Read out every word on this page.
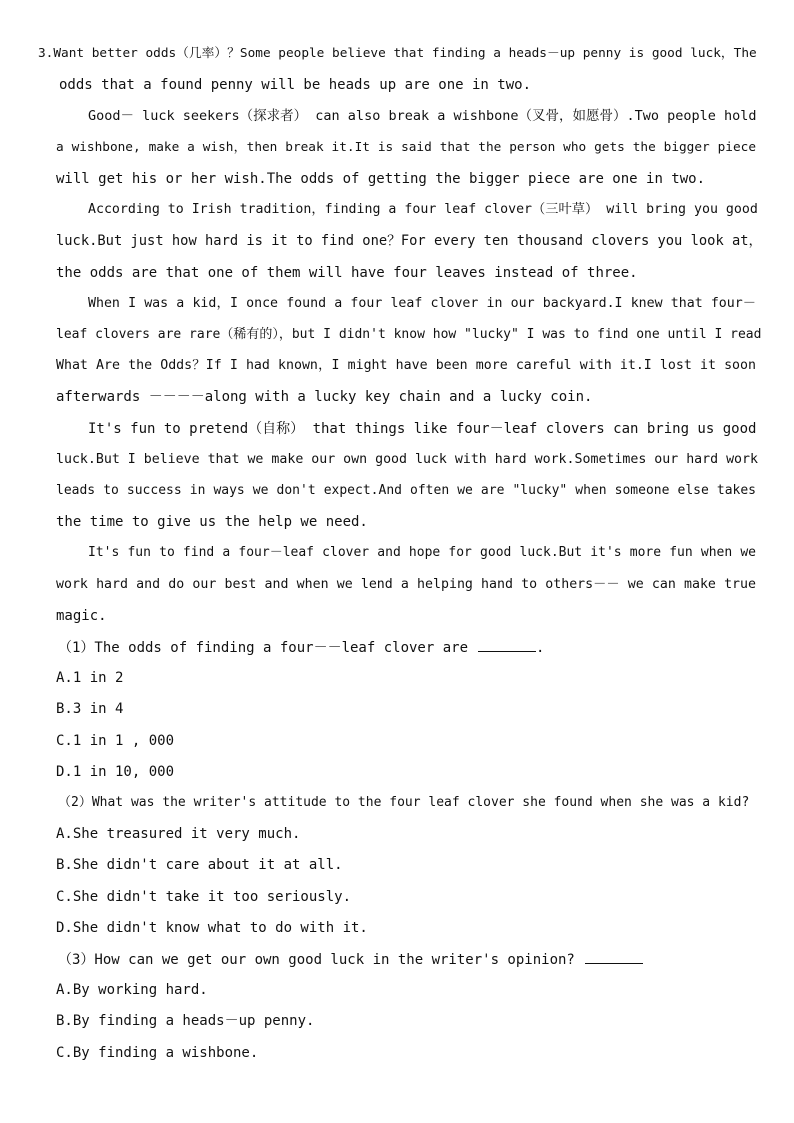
3.Want better odds（几率）？Some people believe that finding a heads－up penny is good luck，The
odds that a found penny will be heads up are one in two.
Good－ luck seekers（探求者） can also break a wishbone（叉骨，如愿骨）.Two people hold
a wishbone, make a wish，then break it.It is said that the person who gets the bigger piece
will get his or her wish.The odds of getting the bigger piece are one in two.
According to Irish tradition，finding a four leaf clover（三叶草） will bring you good
luck.But just how hard is it to find one？For every ten thousand clovers you look at，
the odds are that one of them will have four leaves instead of three.
When I was a kid，I once found a four leaf clover in our backyard.I knew that four－
leaf clovers are rare（稀有的），but I didn't know how "lucky" I was to find one until I read
What Are the Odds？If I had known，I might have been more careful with it.I lost it soon
afterwards －－－－along with a lucky key chain and a lucky coin.
It's fun to pretend（自称） that things like four－leaf clovers can bring us good
luck.But I believe that we make our own good luck with hard work.Sometimes our hard work
leads to success in ways we don't expect.And often we are "lucky" when someone else takes
the time to give us the help we need.
It's fun to find a four－leaf clover and hope for good luck.But it's more fun when we
work hard and do our best and when we lend a helping hand to others－－ we can make true
magic.
（1）The odds of finding a four－－leaf clover are	.
A.1 in 2
B.3 in 4
C.1 in 1 , 000
D.1 in 10, 000
（2）What was the writer's attitude to the four leaf clover she found when she was a kid?
A.She treasured it very much.
B.She didn't care about it at all.
C.She didn't take it too seriously.
D.She didn't know what to do with it.
（3）How can we get our own good luck in the writer's opinion?
A.By working hard.
B.By finding a heads－up penny.
C.By finding a wishbone.
